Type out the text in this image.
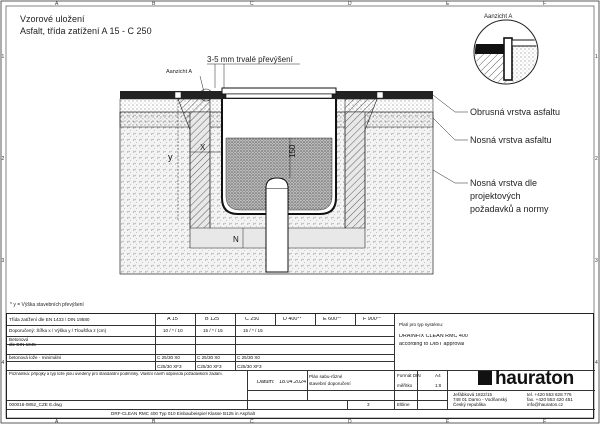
A	B	C	D	E	F
A	B	C	D	E	F
1
2
3
4
1
2
3
4
Vzorové uložení
Asfalt, třída zatížení A 15 - C 250
3-5 mm trvalé převýšení
Aanzicht A
y
X
N
150
Obrusná vrstva asfaltu
Nosná vrstva asfaltu
Nosná vrstva dle
projektových
požadavků a normy
Aanzicht A
* y = Výška stavebních převýšení
Třída zatížení dle EN 1433 / DIN 19580	A 15	B 125	C 250	D 400**	E 600**	F 900**
Doporučený: Šířka x / Výška y / Tloušťka z (cm)	10 / * / 10	15 / * / 15	15 / * / 15
Betonová
dle DIN 1045
betonová lože - minimální	C 25/30 X0	C 25/30 X0	C 25/30 X0
C25/30 XF3	C25/30 XF3	C25/30 XF3
Poznámka: přípojky a typ lože jsou uvedeny pro standardní podmínky. Vlastní návrh odpovídá požadavkům zadání.
Datum: 18.04.2024
Plán sabu-různé
stavební doporučení
000016-0852_CZE E.dwg	3
Formát DIN	A4
měřítko	1:8
Eltline
Platí pro typ systému:
DRAINFIX CLEAN RMC 400
according to DIBT approval
Jeřábková 1822/15
748 01 Darno - Vodňanský
Český republika
tel. +420 553 628 776
fax. +420 553 420 451
info@hauraton.cz
DRF-CLEAN RMC 400 Typ 010 Einbaubeispiel Klasse B125 in Asphalt
hauraton
